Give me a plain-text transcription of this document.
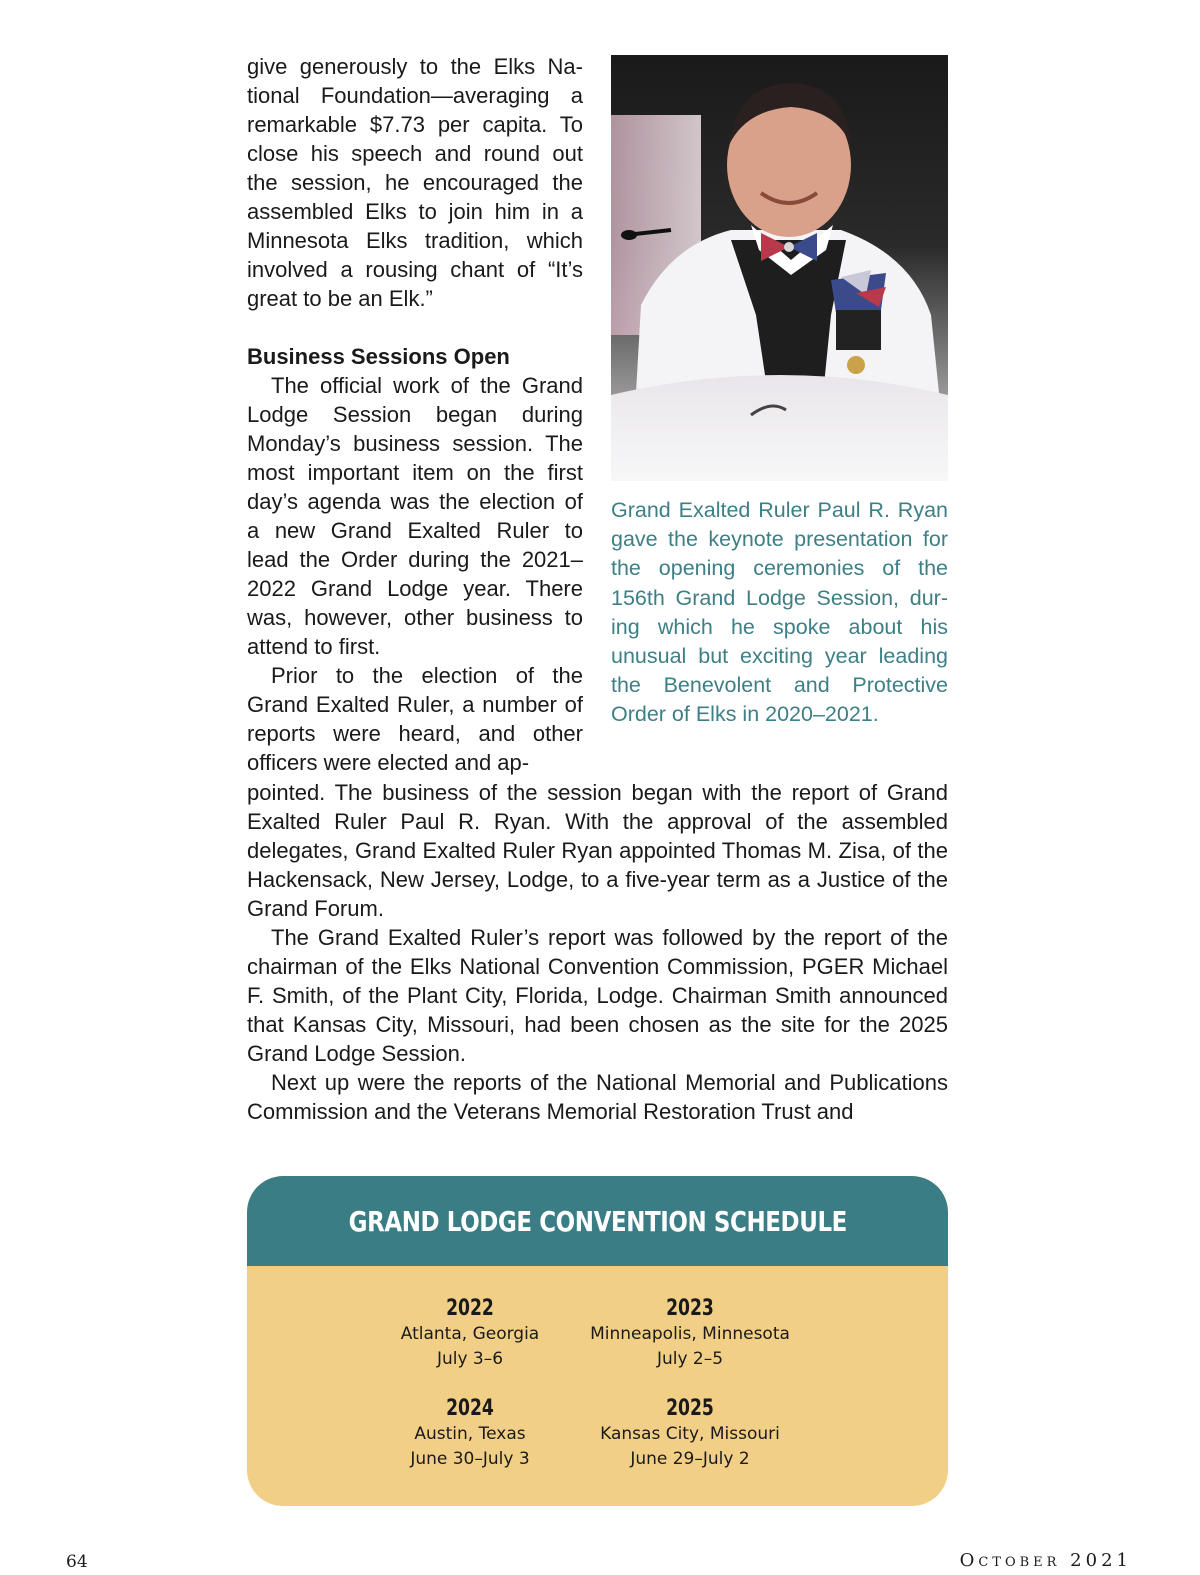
give generously to the Elks National Foundation—averaging a remarkable $7.73 per capita. To close his speech and round out the session, he encouraged the assembled Elks to join him in a Minnesota Elks tradition, which involved a rousing chant of “It’s great to be an Elk.”

Business Sessions Open

The official work of the Grand Lodge Session began during Monday’s business session. The most important item on the first day’s agenda was the election of a new Grand Exalted Ruler to lead the Order during the 2021– 2022 Grand Lodge year. There was, however, other business to attend to first.

Prior to the election of the Grand Exalted Ruler, a number of reports were heard, and other officers were elected and ap-

Grand Exalted Ruler Paul R. Ryan gave the keynote presentation for the opening ceremonies of the 156th Grand Lodge Session, during which he spoke about his unusual but exciting year leading the Benevolent and Protective Order of Elks in 2020–2021.

pointed. The business of the session began with the report of Grand Exalted Ruler Paul R. Ryan. With the approval of the assembled delegates, Grand Exalted Ruler Ryan appointed Thomas M. Zisa, of the Hackensack, New Jersey, Lodge, to a five-year term as a Justice of the Grand Forum.

The Grand Exalted Ruler’s report was followed by the report of the chairman of the Elks National Convention Commission, PGER Michael F. Smith, of the Plant City, Florida, Lodge. Chairman Smith announced that Kansas City, Missouri, had been chosen as the site for the 2025 Grand Lodge Session.

Next up were the reports of the National Memorial and Publications Commission and the Veterans Memorial Restoration Trust and

GRAND LODGE CONVENTION SCHEDULE
2022
Atlanta, Georgia
July 3–6
2023
Minneapolis, Minnesota
July 2–5
2024
Austin, Texas
June 30–July 3
2025
Kansas City, Missouri
June 29–July 2
64	October 2021
